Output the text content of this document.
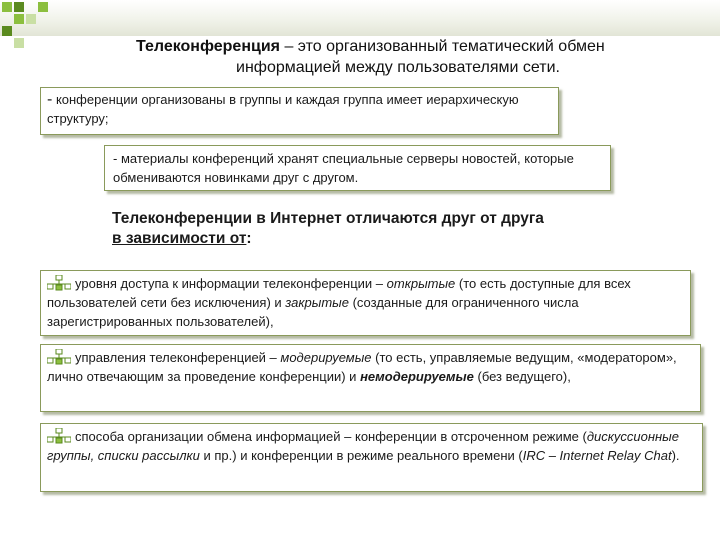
Телеконференция – это организованный тематический обмен
информацией между пользователями сети.
- конференции организованы в группы и каждая группа имеет иерархическую структуру;
- материалы конференций хранят специальные серверы новостей, которые обмениваются новинками друг с другом.
Телеконференции в Интернет отличаются друг от друга
в зависимости от:
уровня доступа к информации телеконференции – открытые (то есть доступные для всех пользователей сети без исключения) и закрытые (созданные для ограниченного числа зарегистрированных пользователей),
управления телеконференцией – модерируемые (то есть, управляемые ведущим, «модератором», лично отвечающим за проведение конференции) и немодерируемые (без ведущего),
способа организации обмена информацией – конференции в отсроченном режиме (дискуссионные группы, списки рассылки и пр.) и конференции в режиме реального времени (IRC – Internet Relay Chat).
